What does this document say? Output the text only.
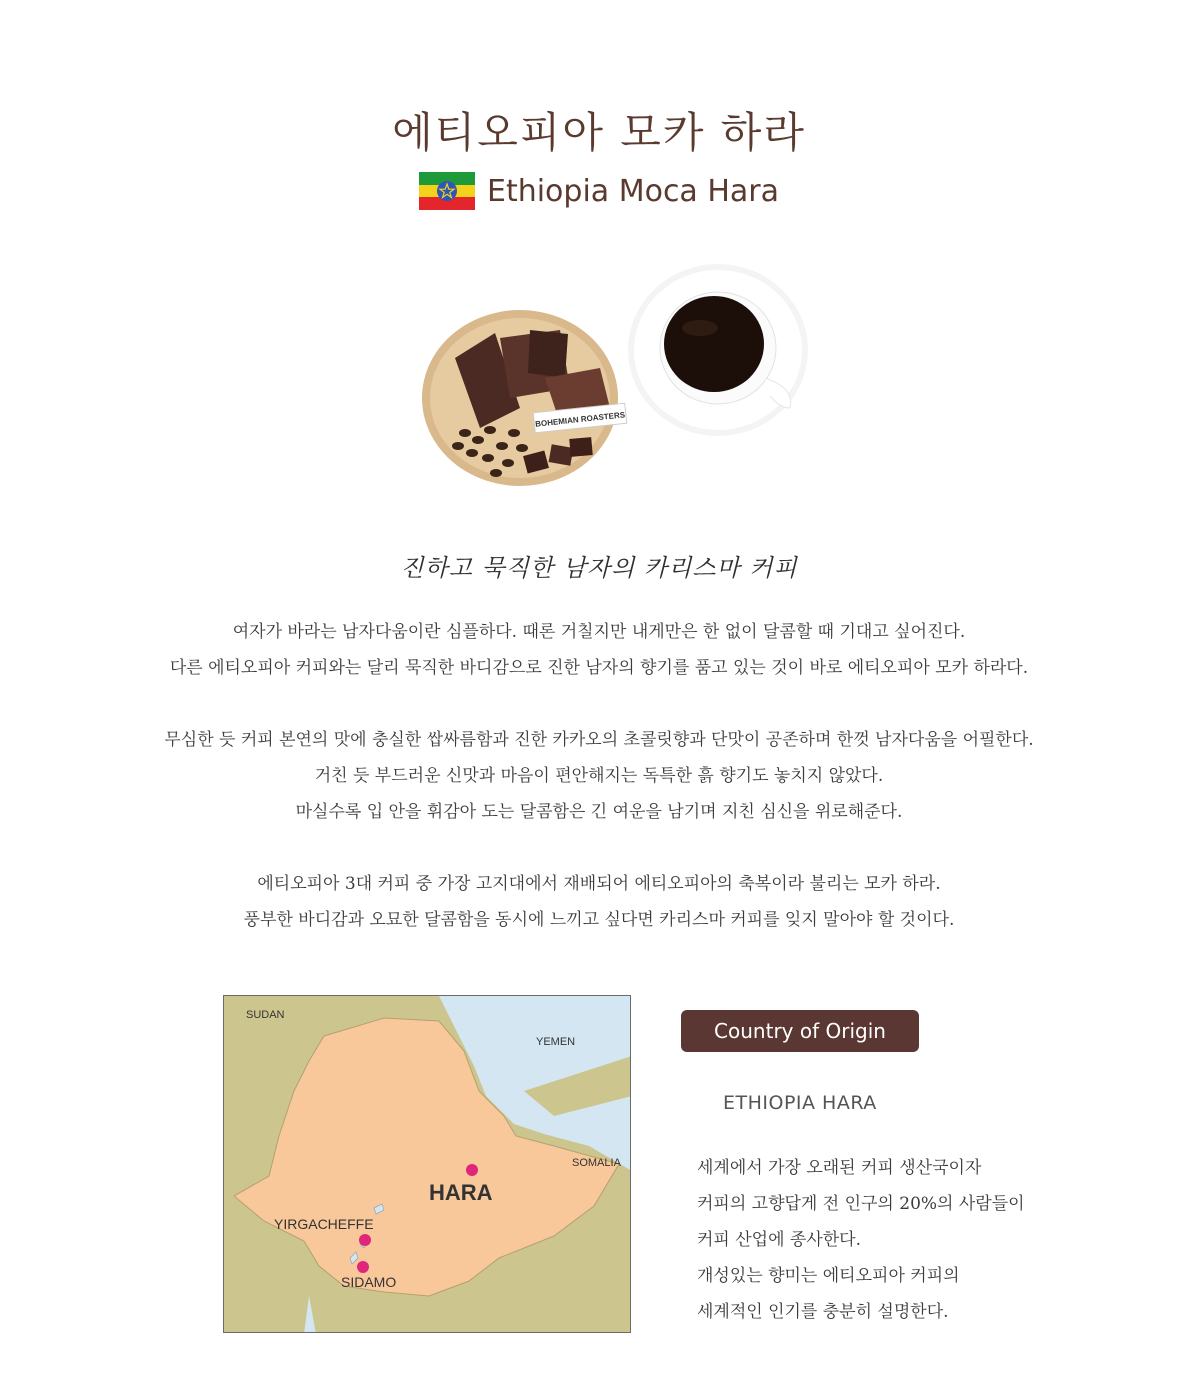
에티오피아 모카 하라
Ethiopia Moca Hara
BOHEMIAN ROASTERS
진하고 묵직한 남자의 카리스마 커피
여자가 바라는 남자다움이란 심플하다. 때론 거칠지만 내게만은 한 없이 달콤할 때 기대고 싶어진다.
다른 에티오피아 커피와는 달리 묵직한 바디감으로 진한 남자의 향기를 품고 있는 것이 바로 에티오피아 모카 하라다.
무심한 듯 커피 본연의 맛에 충실한 쌉싸름함과 진한 카카오의 초콜릿향과 단맛이 공존하며 한껏 남자다움을 어필한다.
거친 듯 부드러운 신맛과 마음이 편안해지는 독특한 흙 향기도 놓치지 않았다.
마실수록 입 안을 휘감아 도는 달콤함은 긴 여운을 남기며 지친 심신을 위로해준다.
에티오피아 3대 커피 중 가장 고지대에서 재배되어 에티오피아의 축복이라 불리는 모카 하라.
풍부한 바디감과 오묘한 달콤함을 동시에 느끼고 싶다면 카리스마 커피를 잊지 말아야 할 것이다.
SUDAN
YEMEN
SOMALIA
HARA
YIRGACHEFFE
SIDAMO
Country of Origin
ETHIOPIA HARA
세계에서 가장 오래된 커피 생산국이자
커피의 고향답게 전 인구의 20%의 사람들이
커피 산업에 종사한다.
개성있는 향미는 에티오피아 커피의
세계적인 인기를 충분히 설명한다.
